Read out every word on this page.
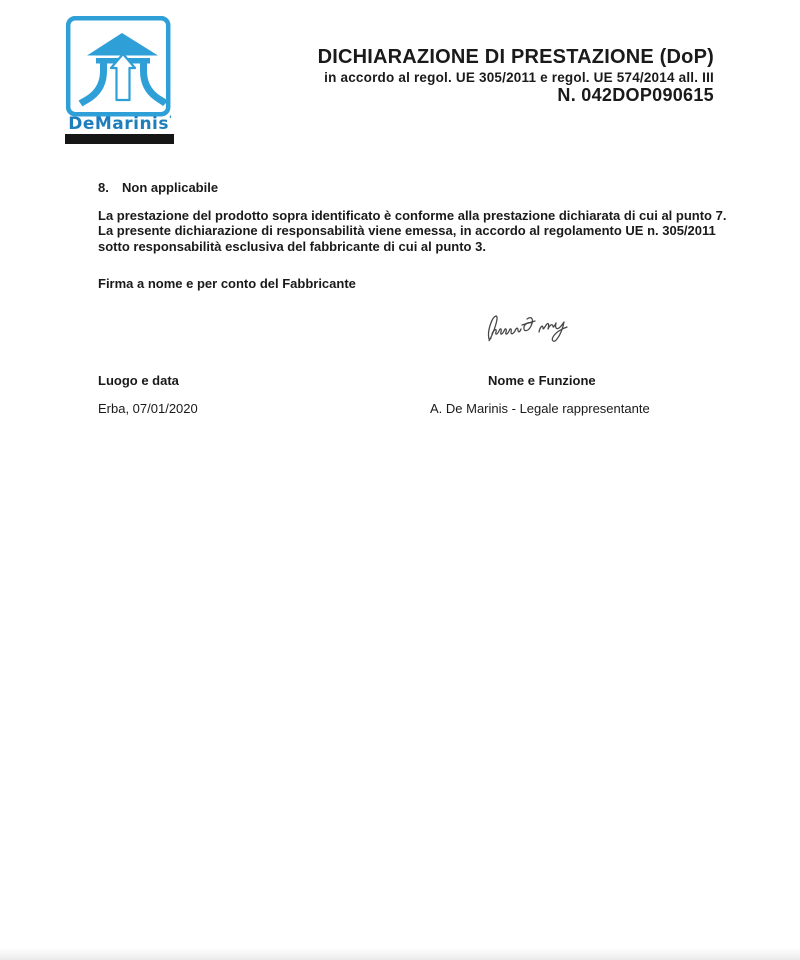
DeMarinis'
DICHIARAZIONE DI PRESTAZIONE (DoP)
in accordo al regol. UE 305/2011 e regol. UE 574/2014 all. III
N. 042DOP090615
8. Non applicabile
La prestazione del prodotto sopra identificato è conforme alla prestazione dichiarata di cui al punto 7.
La presente dichiarazione di responsabilità viene emessa, in accordo al regolamento UE n. 305/2011
sotto responsabilità esclusiva del fabbricante di cui al punto 3.
Firma a nome e per conto del Fabbricante
Luogo e data	Nome e Funzione
Erba, 07/01/2020	A. De Marinis - Legale rappresentante
